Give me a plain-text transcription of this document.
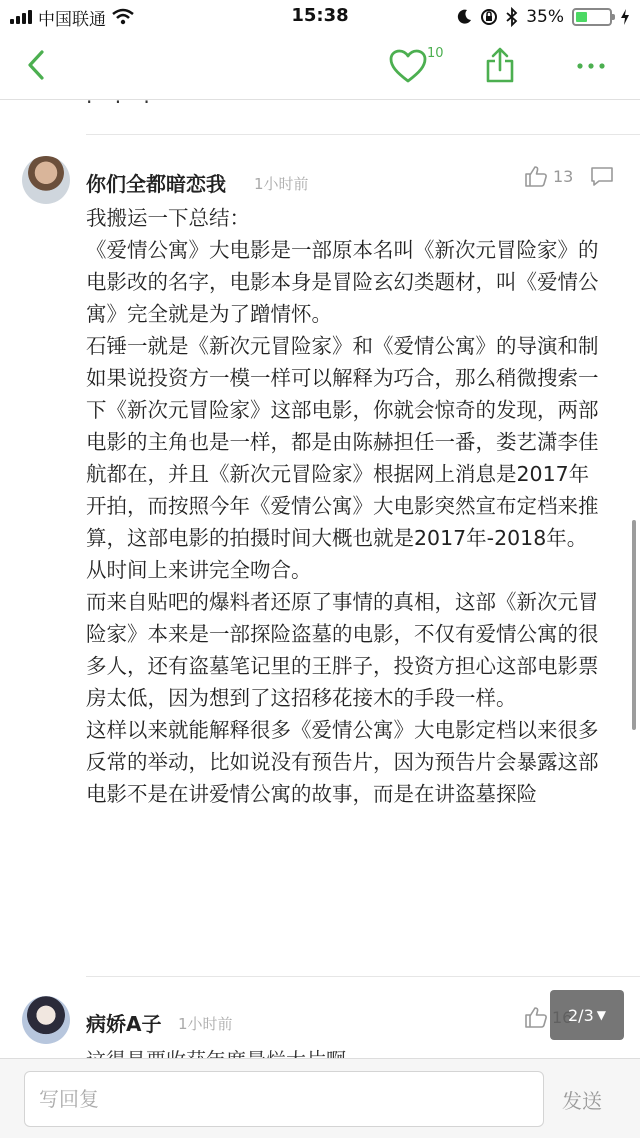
中国联通	15:38	35%
10
· · ·
你们全都暗恋我 1小时前	13

我搬运一下总结：

《爱情公寓》大电影是一部原本名叫《新次元冒险家》的电影改的名字，电影本身是冒险玄幻类题材，叫《爱情公寓》完全就是为了蹭情怀。

石锤一就是《新次元冒险家》和《爱情公寓》的导演和制如果说投资方一模一样可以解释为巧合，那么稍微搜索一下《新次元冒险家》这部电影，你就会惊奇的发现，两部电影的主角也是一样，都是由陈赫担任一番，娄艺潇李佳航都在，并且《新次元冒险家》根据网上消息是2017年开拍，而按照今年《爱情公寓》大电影突然宣布定档来推算，这部电影的拍摄时间大概也就是2017年-2018年。从时间上来讲完全吻合。

而来自贴吧的爆料者还原了事情的真相，这部《新次元冒险家》本来是一部探险盗墓的电影，不仅有爱情公寓的很多人，还有盗墓笔记里的王胖子，投资方担心这部电影票房太低，因为想到了这招移花接木的手段一样。

这样以来就能解释很多《爱情公寓》大电影定档以来很多反常的举动，比如说没有预告片，因为预告片会暴露这部电影不是在讲爱情公寓的故事，而是在讲盗墓探险

病娇A子 1小时前	2/3 ▼
写回复
发送
